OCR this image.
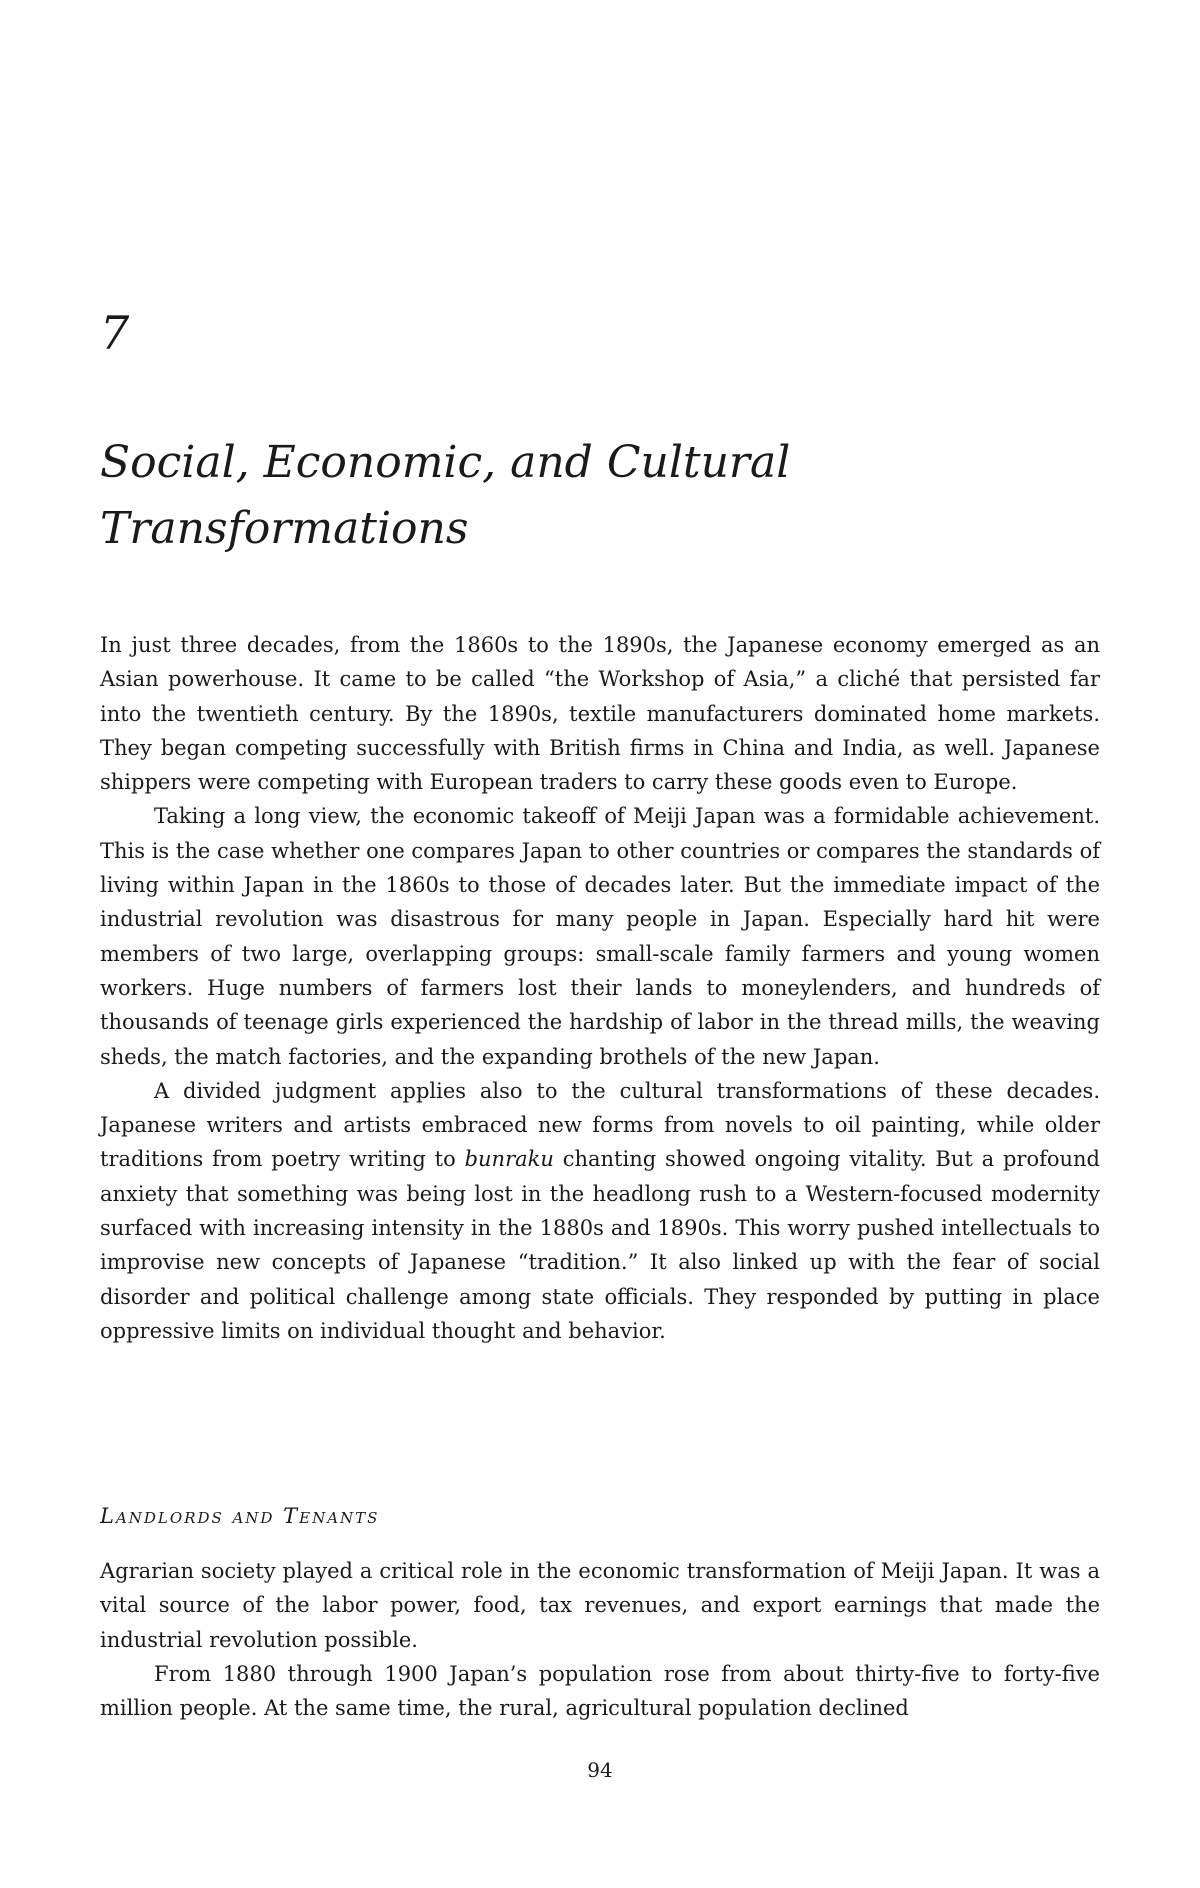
7
Social, Economic, and Cultural
Transformations

In just three decades, from the 1860s to the 1890s, the Japanese economy emerged as an Asian powerhouse. It came to be called “the Workshop of Asia,” a cliché that persisted far into the twentieth century. By the 1890s, textile manufacturers dominated home markets. They began competing successfully with British firms in China and India, as well. Japanese shippers were competing with European traders to carry these goods even to Europe.

Taking a long view, the economic takeoff of Meiji Japan was a formidable achievement. This is the case whether one compares Japan to other countries or compares the standards of living within Japan in the 1860s to those of decades later. But the immediate impact of the industrial revolution was disastrous for many people in Japan. Especially hard hit were members of two large, overlapping groups: small-scale family farmers and young women workers. Huge numbers of farmers lost their lands to moneylenders, and hundreds of thousands of teenage girls experienced the hardship of labor in the thread mills, the weaving sheds, the match factories, and the expanding brothels of the new Japan.

A divided judgment applies also to the cultural transformations of these decades. Japanese writers and artists embraced new forms from novels to oil painting, while older traditions from poetry writing to bunraku chanting showed ongoing vitality. But a profound anxiety that something was being lost in the headlong rush to a Western-focused modernity surfaced with increasing intensity in the 1880s and 1890s. This worry pushed intellectuals to improvise new concepts of Japanese “tradition.” It also linked up with the fear of social disorder and political challenge among state officials. They responded by putting in place oppressive limits on individual thought and behavior.

Landlords and Tenants

Agrarian society played a critical role in the economic transformation of Meiji Japan. It was a vital source of the labor power, food, tax revenues, and export earnings that made the industrial revolution possible.

From 1880 through 1900 Japan’s population rose from about thirty-five to forty-five million people. At the same time, the rural, agricultural population declined

94
